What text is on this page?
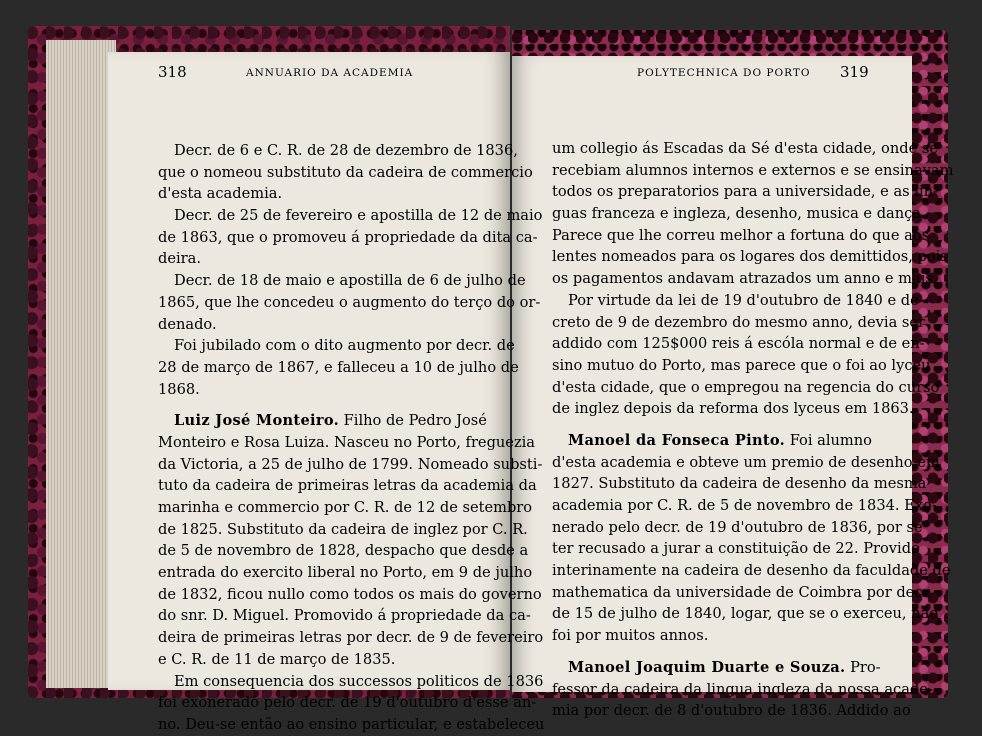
318	ANNUARIO DA ACADEMIA	POLYTECHNICA DO PORTO 319
Decr. de 6 e C. R. de 28 de dezembro de 1836,
que o nomeou substituto da cadeira de commercio
d'esta academia.
Decr. de 25 de fevereiro e apostilla de 12 de maio
de 1863, que o promoveu á propriedade da dita ca-
deira.
Decr. de 18 de maio e apostilla de 6 de julho de
1865, que lhe concedeu o augmento do terço do or-
denado.
Foi jubilado com o dito augmento por decr. de
28 de março de 1867, e falleceu a 10 de julho de
1868.
Luiz José Monteiro. Filho de Pedro José
Monteiro e Rosa Luiza. Nasceu no Porto, freguezia
da Victoria, a 25 de julho de 1799. Nomeado substi-
tuto da cadeira de primeiras letras da academia da
marinha e commercio por C. R. de 12 de setembro
de 1825. Substituto da cadeira de inglez por C. R.
de 5 de novembro de 1828, despacho que desde a
entrada do exercito liberal no Porto, em 9 de julho
de 1832, ficou nullo como todos os mais do governo
do snr. D. Miguel. Promovido á propriedade da ca-
deira de primeiras letras por decr. de 9 de fevereiro
e C. R. de 11 de março de 1835.
Em consequencia dos successos politicos de 1836
foi exonerado pelo decr. de 19 d'outubro d'esse an-
no. Deu-se então ao ensino particular, e estabeleceu
um collegio ás Escadas da Sé d'esta cidade, onde se
recebiam alumnos internos e externos e se ensinavam
todos os preparatorios para a universidade, e as lin-
guas franceza e ingleza, desenho, musica e dança.
Parece que lhe correu melhor a fortuna do que aos
lentes nomeados para os logares dos demittidos, pois
os pagamentos andavam atrazados um anno e mais.
Por virtude da lei de 19 d'outubro de 1840 e de-
creto de 9 de dezembro do mesmo anno, devia ser
addido com 125$000 reis á escóla normal e de en-
sino mutuo do Porto, mas parece que o foi ao lyceu
d'esta cidade, que o empregou na regencia do curso
de inglez depois da reforma dos lyceus em 1863.
Manoel da Fonseca Pinto. Foi alumno
d'esta academia e obteve um premio de desenho em
1827. Substituto da cadeira de desenho da mesma
academia por C. R. de 5 de novembro de 1834. Exo-
nerado pelo decr. de 19 d'outubro de 1836, por se
ter recusado a jurar a constituição de 22. Provido
interinamente na cadeira de desenho da faculdade de
mathematica da universidade de Coimbra por decr.
de 15 de julho de 1840, logar, que se o exerceu, não
foi por muitos annos.
Manoel Joaquim Duarte e Souza. Pro-
fessor da cadeira da lingua ingleza da nossa acade-
mia por decr. de 8 d'outubro de 1836. Addido ao
